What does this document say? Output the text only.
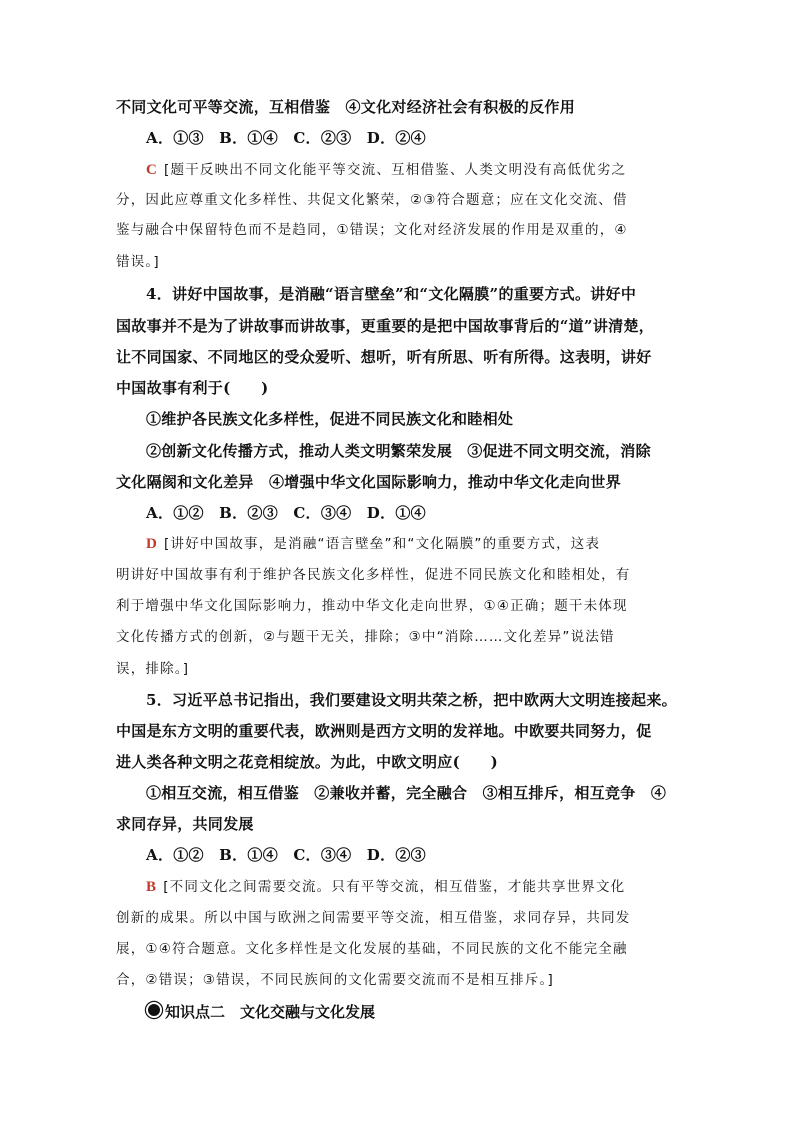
不同文化可平等交流，互相借鉴　④文化对经济社会有积极的反作用
A．①③　B．①④　C．②③　D．②④
C [题干反映出不同文化能平等交流、互相借鉴、人类文明没有高低优劣之
分，因此应尊重文化多样性、共促文化繁荣，②③符合题意；应在文化交流、借
鉴与融合中保留特色而不是趋同，①错误；文化对经济发展的作用是双重的，④
错误。]
4．讲好中国故事，是消融“语言壁垒”和“文化隔膜”的重要方式。讲好中
国故事并不是为了讲故事而讲故事，更重要的是把中国故事背后的“道”讲清楚，
让不同国家、不同地区的受众爱听、想听，听有所思、听有所得。这表明，讲好
中国故事有利于(　　)
①维护各民族文化多样性，促进不同民族文化和睦相处
②创新文化传播方式，推动人类文明繁荣发展　③促进不同文明交流，消除
文化隔阂和文化差异　④增强中华文化国际影响力，推动中华文化走向世界
A．①②　B．②③　C．③④　D．①④
D [讲好中国故事，是消融“语言壁垒”和“文化隔膜”的重要方式，这表
明讲好中国故事有利于维护各民族文化多样性，促进不同民族文化和睦相处，有
利于增强中华文化国际影响力，推动中华文化走向世界，①④正确；题干未体现
文化传播方式的创新，②与题干无关，排除；③中“消除……文化差异”说法错
误，排除。]
5．习近平总书记指出，我们要建设文明共荣之桥，把中欧两大文明连接起来。
中国是东方文明的重要代表，欧洲则是西方文明的发祥地。中欧要共同努力，促
进人类各种文明之花竞相绽放。为此，中欧文明应(　　)
①相互交流，相互借鉴　②兼收并蓄，完全融合　③相互排斥，相互竞争　④
求同存异，共同发展
A．①②　B．①④　C．③④　D．②③
B [不同文化之间需要交流。只有平等交流，相互借鉴，才能共享世界文化
创新的成果。所以中国与欧洲之间需要平等交流，相互借鉴，求同存异，共同发
展，①④符合题意。文化多样性是文化发展的基础，不同民族的文化不能完全融
合，②错误；③错误，不同民族间的文化需要交流而不是相互排斥。]
知识点二　文化交融与文化发展
